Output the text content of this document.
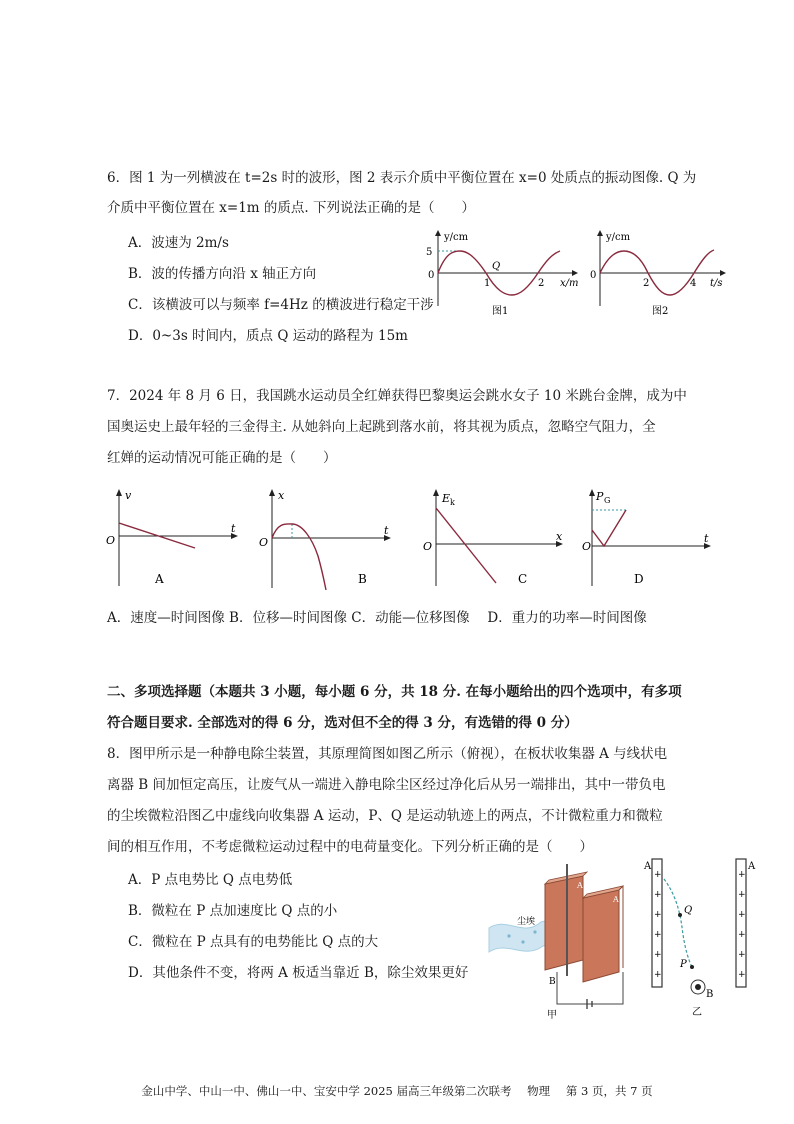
6．图 1 为一列横波在 t=2s 时的波形，图 2 表示介质中平衡位置在 x=0 处质点的振动图像. Q 为
介质中平衡位置在 x=1m 的质点. 下列说法正确的是（　　）
A．波速为 2m/s
B．波的传播方向沿 x 轴正方向
C．该横波可以与频率 f=4Hz 的横波进行稳定干涉
D．0~3s 时间内，质点 Q 运动的路程为 15m
5
0
1	2
Q
y/cm
x/m
图1
0
2	4
y/cm
t/s
图2
7．2024 年 8 月 6 日，我国跳水运动员全红婵获得巴黎奥运会跳水女子 10 米跳台金牌，成为中
国奥运史上最年轻的三金得主. 从她斜向上起跳到落水前，将其视为质点，忽略空气阻力，全
红婵的运动情况可能正确的是（　　）
v
t
O
A
x
t
O
B
E k
x
O
C
P G
t
O
D
A．速度—时间图像 B．位移—时间图像 C．动能—位移图像　 D．重力的功率—时间图像
二、多项选择题（本题共 3 小题，每小题 6 分，共 18 分. 在每小题给出的四个选项中，有多项
符合题目要求. 全部选对的得 6 分，选对但不全的得 3 分，有选错的得 0 分）
8．图甲所示是一种静电除尘装置，其原理简图如图乙所示（俯视），在板状收集器 A 与线状电
离器 B 间加恒定高压，让废气从一端进入静电除尘区经过净化后从另一端排出，其中一带负电
的尘埃微粒沿图乙中虚线向收集器 A 运动，P、Q 是运动轨迹上的两点，不计微粒重力和微粒
间的相互作用，不考虑微粒运动过程中的电荷量变化。下列分析正确的是（　　）
A．P 点电势比 Q 点电势低
B．微粒在 P 点加速度比 Q 点的小
C．微粒在 P 点具有的电势能比 Q 点的大
D．其他条件不变，将两 A 板适当靠近 B，除尘效果更好
尘埃
A
A
B
甲
+
+
+
+
+
+
+
+
+
+
+
+
A	A
Q
P
B
乙
金山中学、中山一中、佛山一中、宝安中学 2025 届高三年级第二次联考 物理 第 3 页，共 7 页
